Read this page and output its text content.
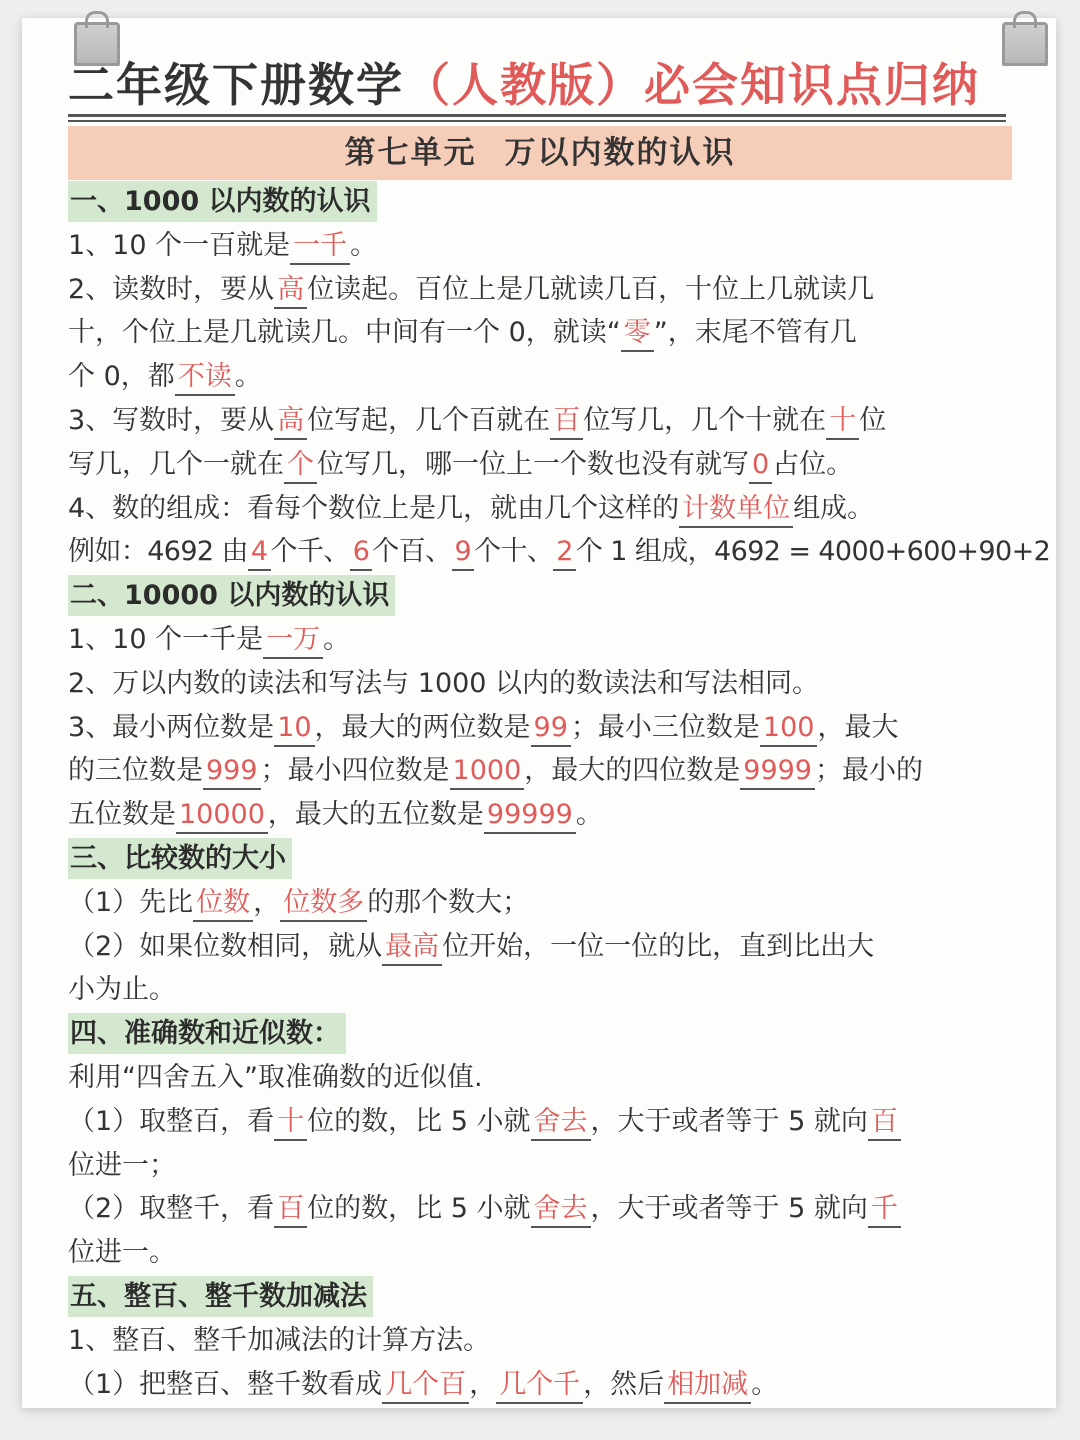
二年级下册数学（人教版）必会知识点归纳
第七单元 万以内数的认识
一、1000 以内数的认识
1、10 个一百就是 一千 。
2、读数时，要从 高 位读起。百位上是几就读几百，十位上几就读几
十，个位上是几就读几。中间有一个 0，就读“ 零 ”，末尾不管有几
个 0，都 不读 。
3、写数时，要从 高 位写起，几个百就在 百 位写几，几个十就在 十 位
写几，几个一就在 个 位写几，哪一位上一个数也没有就写 0 占位。
4、数的组成：看每个数位上是几，就由几个这样的 计数单位 组成。
例如：4692 由 4 个千、 6 个百、 9 个十、 2 个 1 组成，4692 = 4000+600+90+2
二、10000 以内数的认识
1、10 个一千是 一万 。
2、万以内数的读法和写法与 1000 以内的数读法和写法相同。
3、最小两位数是 10 ，最大的两位数是 99 ；最小三位数是 100 ，最大
的三位数是 999 ；最小四位数是 1000 ，最大的四位数是 9999 ；最小的
五位数是 10000 ，最大的五位数是 99999 。
三、比较数的大小
（1）先比 位数 ， 位数多 的那个数大；
（2）如果位数相同，就从 最高 位开始，一位一位的比，直到比出大
小为止。
四、准确数和近似数：
利用“四舍五入”取准确数的近似值.
（1）取整百，看 十 位的数，比 5 小就 舍去 ，大于或者等于 5 就向 百
位进一；
（2）取整千，看 百 位的数，比 5 小就 舍去 ，大于或者等于 5 就向 千
位进一。
五、整百、整千数加减法
1、整百、整千加减法的计算方法。
（1）把整百、整千数看成 几个百 ， 几个千 ，然后 相加减 。
